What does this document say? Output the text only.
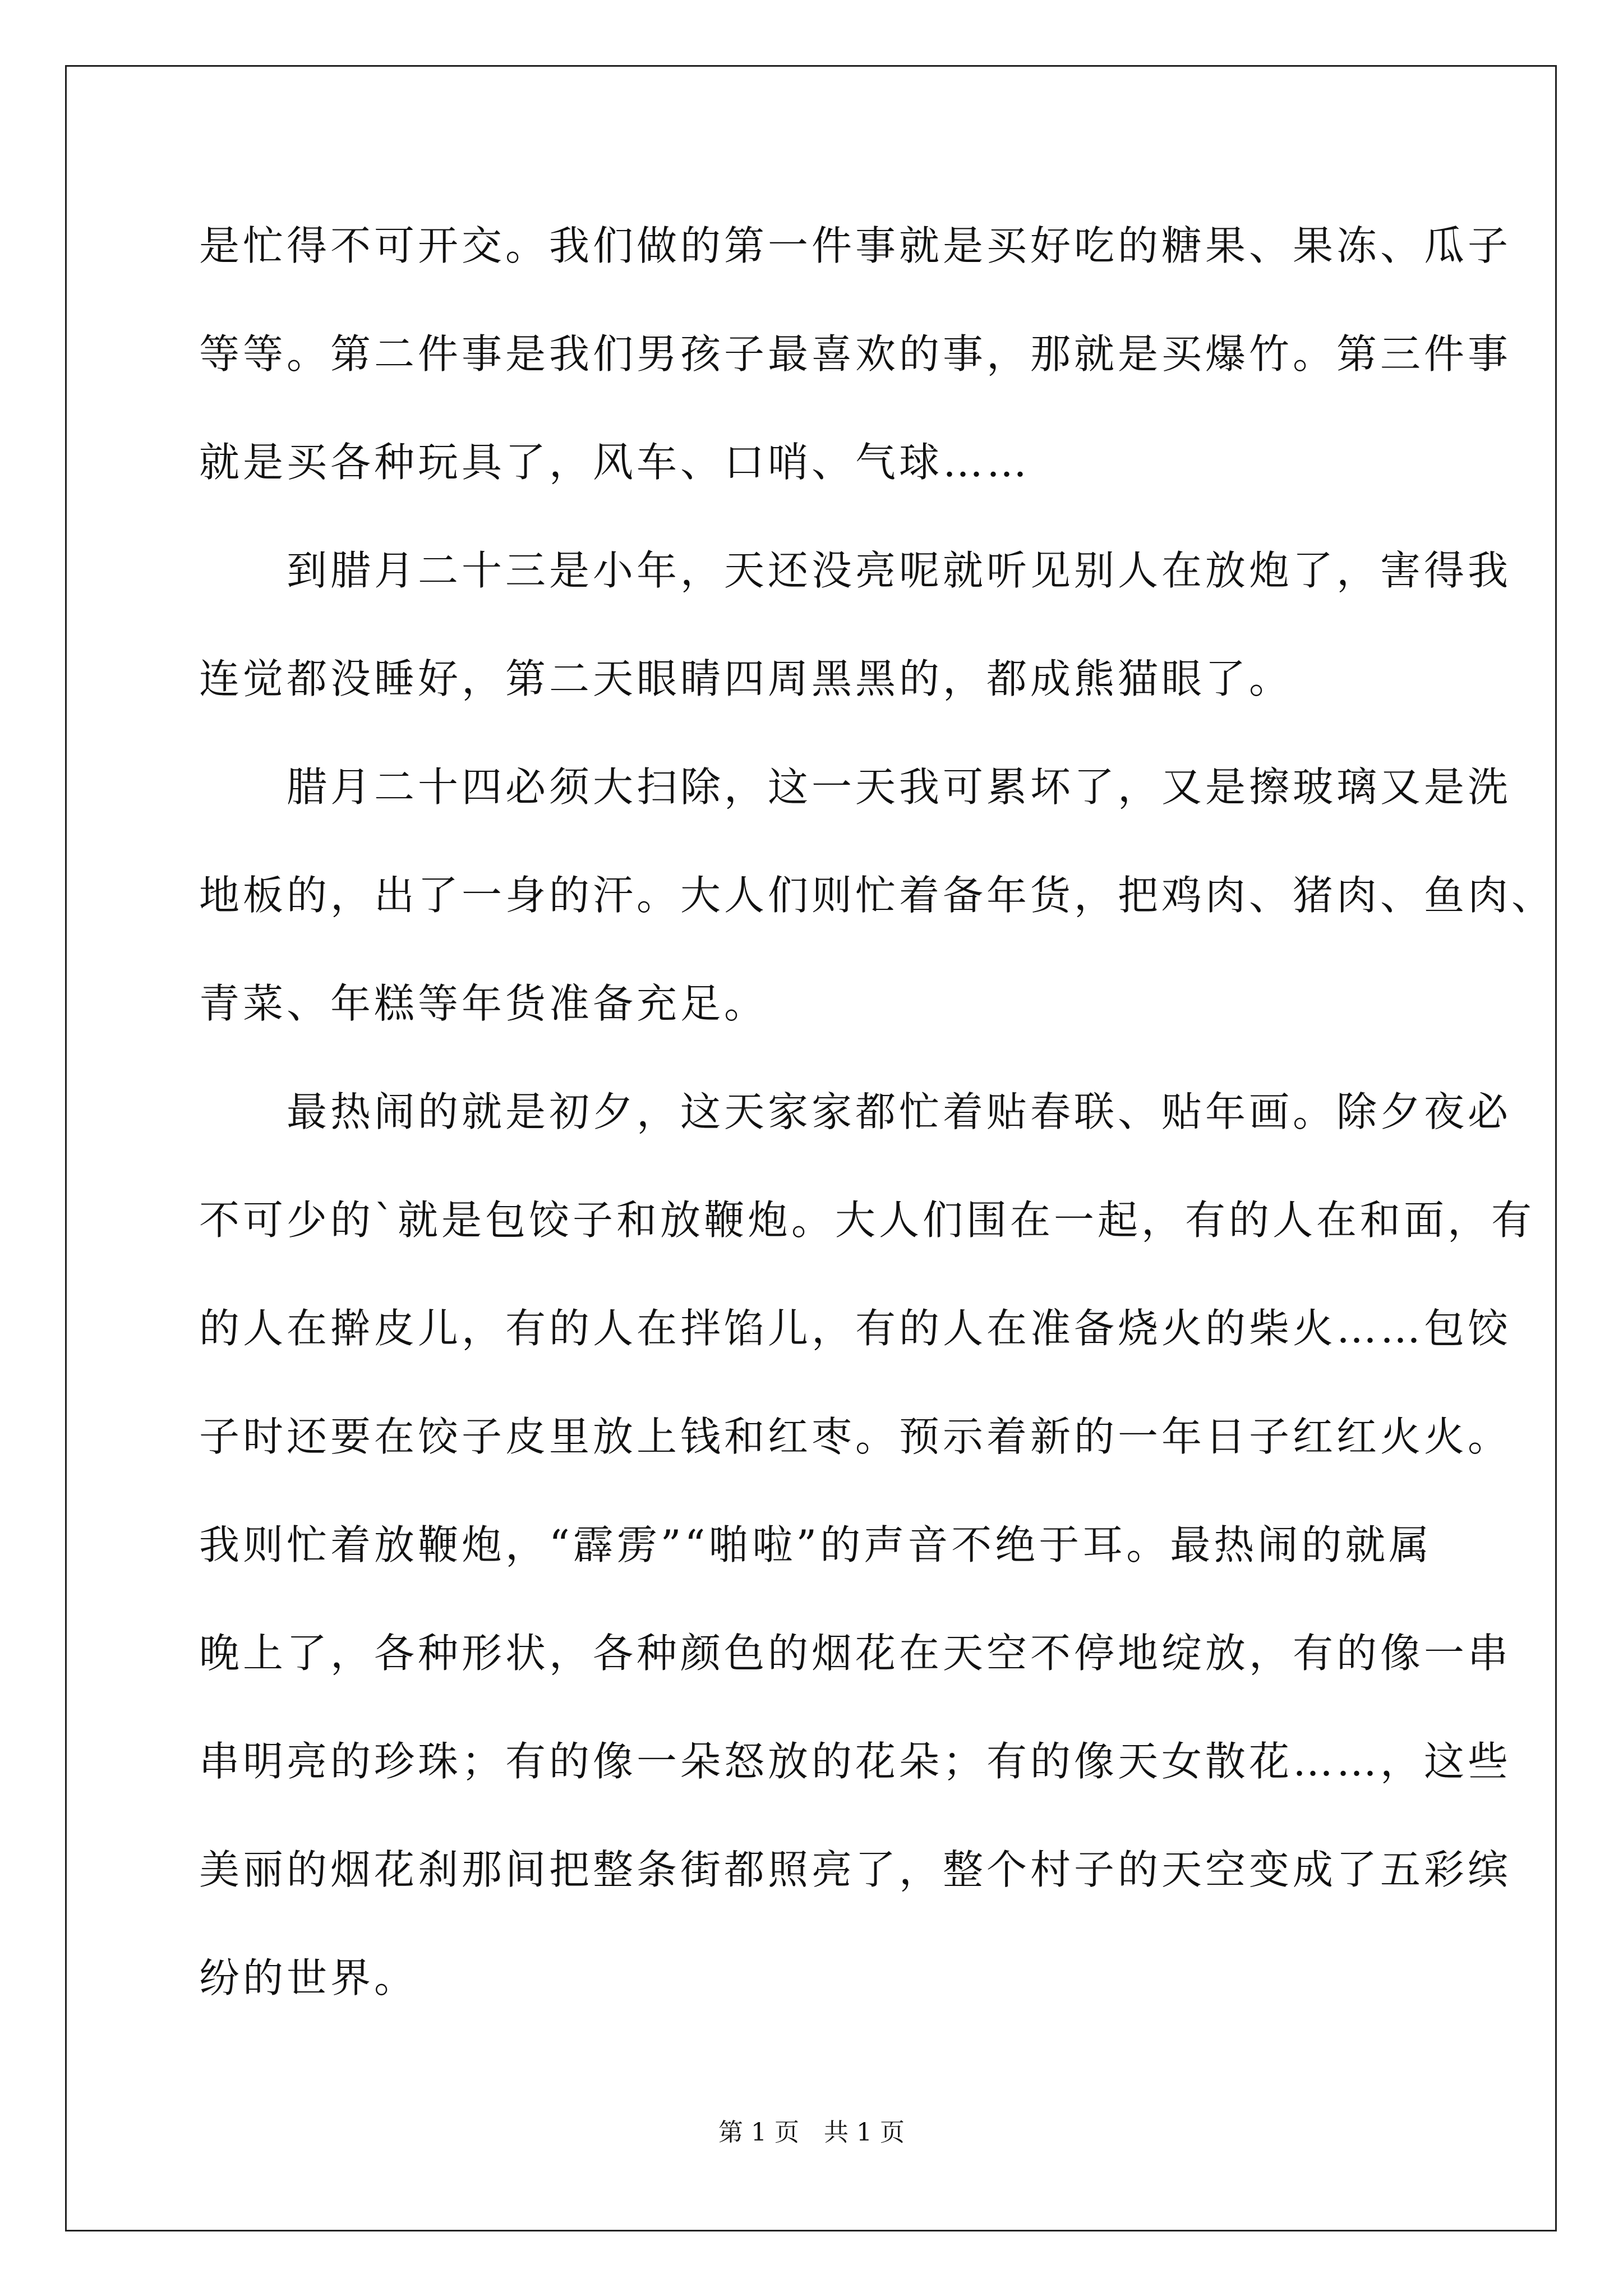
是忙得不可开交。我们做的第一件事就是买好吃的糖果、果冻、瓜子
等等。第二件事是我们男孩子最喜欢的事，那就是买爆竹。第三件事
就是买各种玩具了，风车、口哨、气球……
　　到腊月二十三是小年，天还没亮呢就听见别人在放炮了，害得我
连觉都没睡好，第二天眼睛四周黑黑的，都成熊猫眼了。
　　腊月二十四必须大扫除，这一天我可累坏了，又是擦玻璃又是洗
地板的，出了一身的汗。大人们则忙着备年货，把鸡肉、猪肉、鱼肉、
青菜、年糕等年货准备充足。
　　最热闹的就是初夕，这天家家都忙着贴春联、贴年画。除夕夜必
不可少的`就是包饺子和放鞭炮。大人们围在一起，有的人在和面，有
的人在擀皮儿，有的人在拌馅儿，有的人在准备烧火的柴火……包饺
子时还要在饺子皮里放上钱和红枣。预示着新的一年日子红红火火。
我则忙着放鞭炮，“霹雳”“啪啦”的声音不绝于耳。最热闹的就属
晚上了，各种形状，各种颜色的烟花在天空不停地绽放，有的像一串
串明亮的珍珠；有的像一朵怒放的花朵；有的像天女散花……，这些
美丽的烟花刹那间把整条街都照亮了，整个村子的天空变成了五彩缤
纷的世界。
第 1 页　共 1 页
